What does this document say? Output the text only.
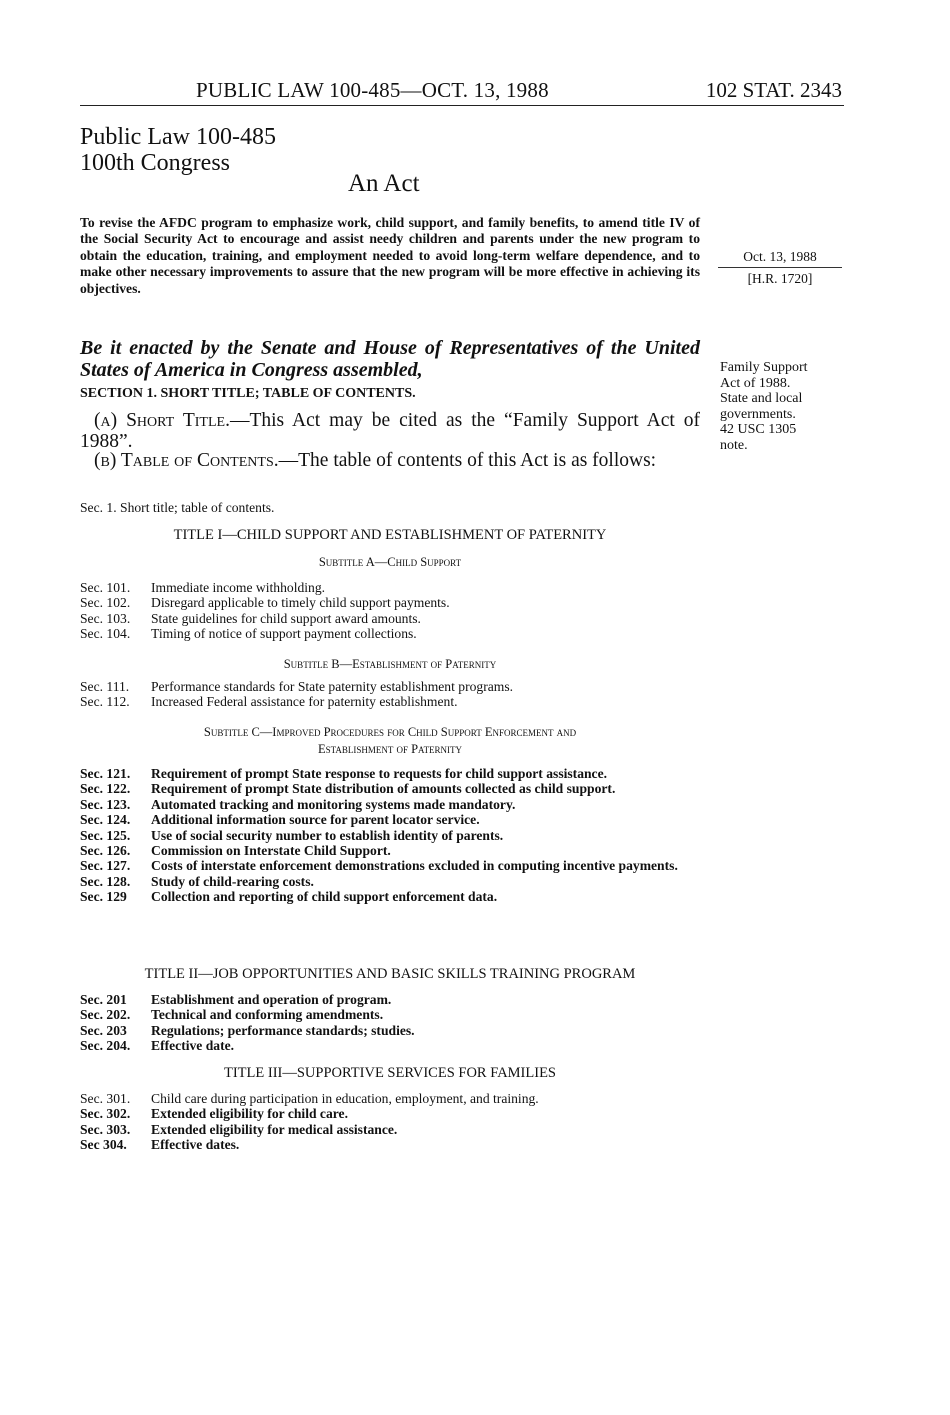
PUBLIC LAW 100-485—OCT. 13, 1988	102 STAT. 2343
Public Law 100-485
100th Congress
An Act
To revise the AFDC program to emphasize work, child support, and family benefits, to amend title IV of the Social Security Act to encourage and assist needy children and parents under the new program to obtain the education, training, and employment needed to avoid long-term welfare dependence, and to make other necessary improvements to assure that the new program will be more effective in achieving its objectives.
Oct. 13, 1988
[H.R. 1720]
Be it enacted by the Senate and House of Representatives of the United States of America in Congress assembled,	Family Support
Act of 1988.
State and local
governments.
42 USC 1305
note.
SECTION 1. SHORT TITLE; TABLE OF CONTENTS.
(a) Short Title.—This Act may be cited as the “Family Support Act of 1988”.
(b) Table of Contents.—The table of contents of this Act is as follows:
Sec. 1. Short title; table of contents.
TITLE I—CHILD SUPPORT AND ESTABLISHMENT OF PATERNITY
Subtitle A—Child Support
Sec. 101.	Immediate income withholding.
Sec. 102.	Disregard applicable to timely child support payments.
Sec. 103.	State guidelines for child support award amounts.
Sec. 104.	Timing of notice of support payment collections.
Subtitle B—Establishment of Paternity
Sec. 111.	Performance standards for State paternity establishment programs.
Sec. 112.	Increased Federal assistance for paternity establishment.
Subtitle C—Improved Procedures for Child Support Enforcement and
Establishment of Paternity
Sec. 121.	Requirement of prompt State response to requests for child support assistance.
Sec. 122.	Requirement of prompt State distribution of amounts collected as child support.
Sec. 123.	Automated tracking and monitoring systems made mandatory.
Sec. 124.	Additional information source for parent locator service.
Sec. 125.	Use of social security number to establish identity of parents.
Sec. 126.	Commission on Interstate Child Support.
Sec. 127.	Costs of interstate enforcement demonstrations excluded in computing incentive payments.
Sec. 128.	Study of child-rearing costs.
Sec. 129	Collection and reporting of child support enforcement data.
TITLE II—JOB OPPORTUNITIES AND BASIC SKILLS TRAINING PROGRAM
Sec. 201	Establishment and operation of program.
Sec. 202.	Technical and conforming amendments.
Sec. 203	Regulations; performance standards; studies.
Sec. 204.	Effective date.
TITLE III—SUPPORTIVE SERVICES FOR FAMILIES
Sec. 301.	Child care during participation in education, employment, and training.
Sec. 302.	Extended eligibility for child care.
Sec. 303.	Extended eligibility for medical assistance.
Sec 304.	Effective dates.
